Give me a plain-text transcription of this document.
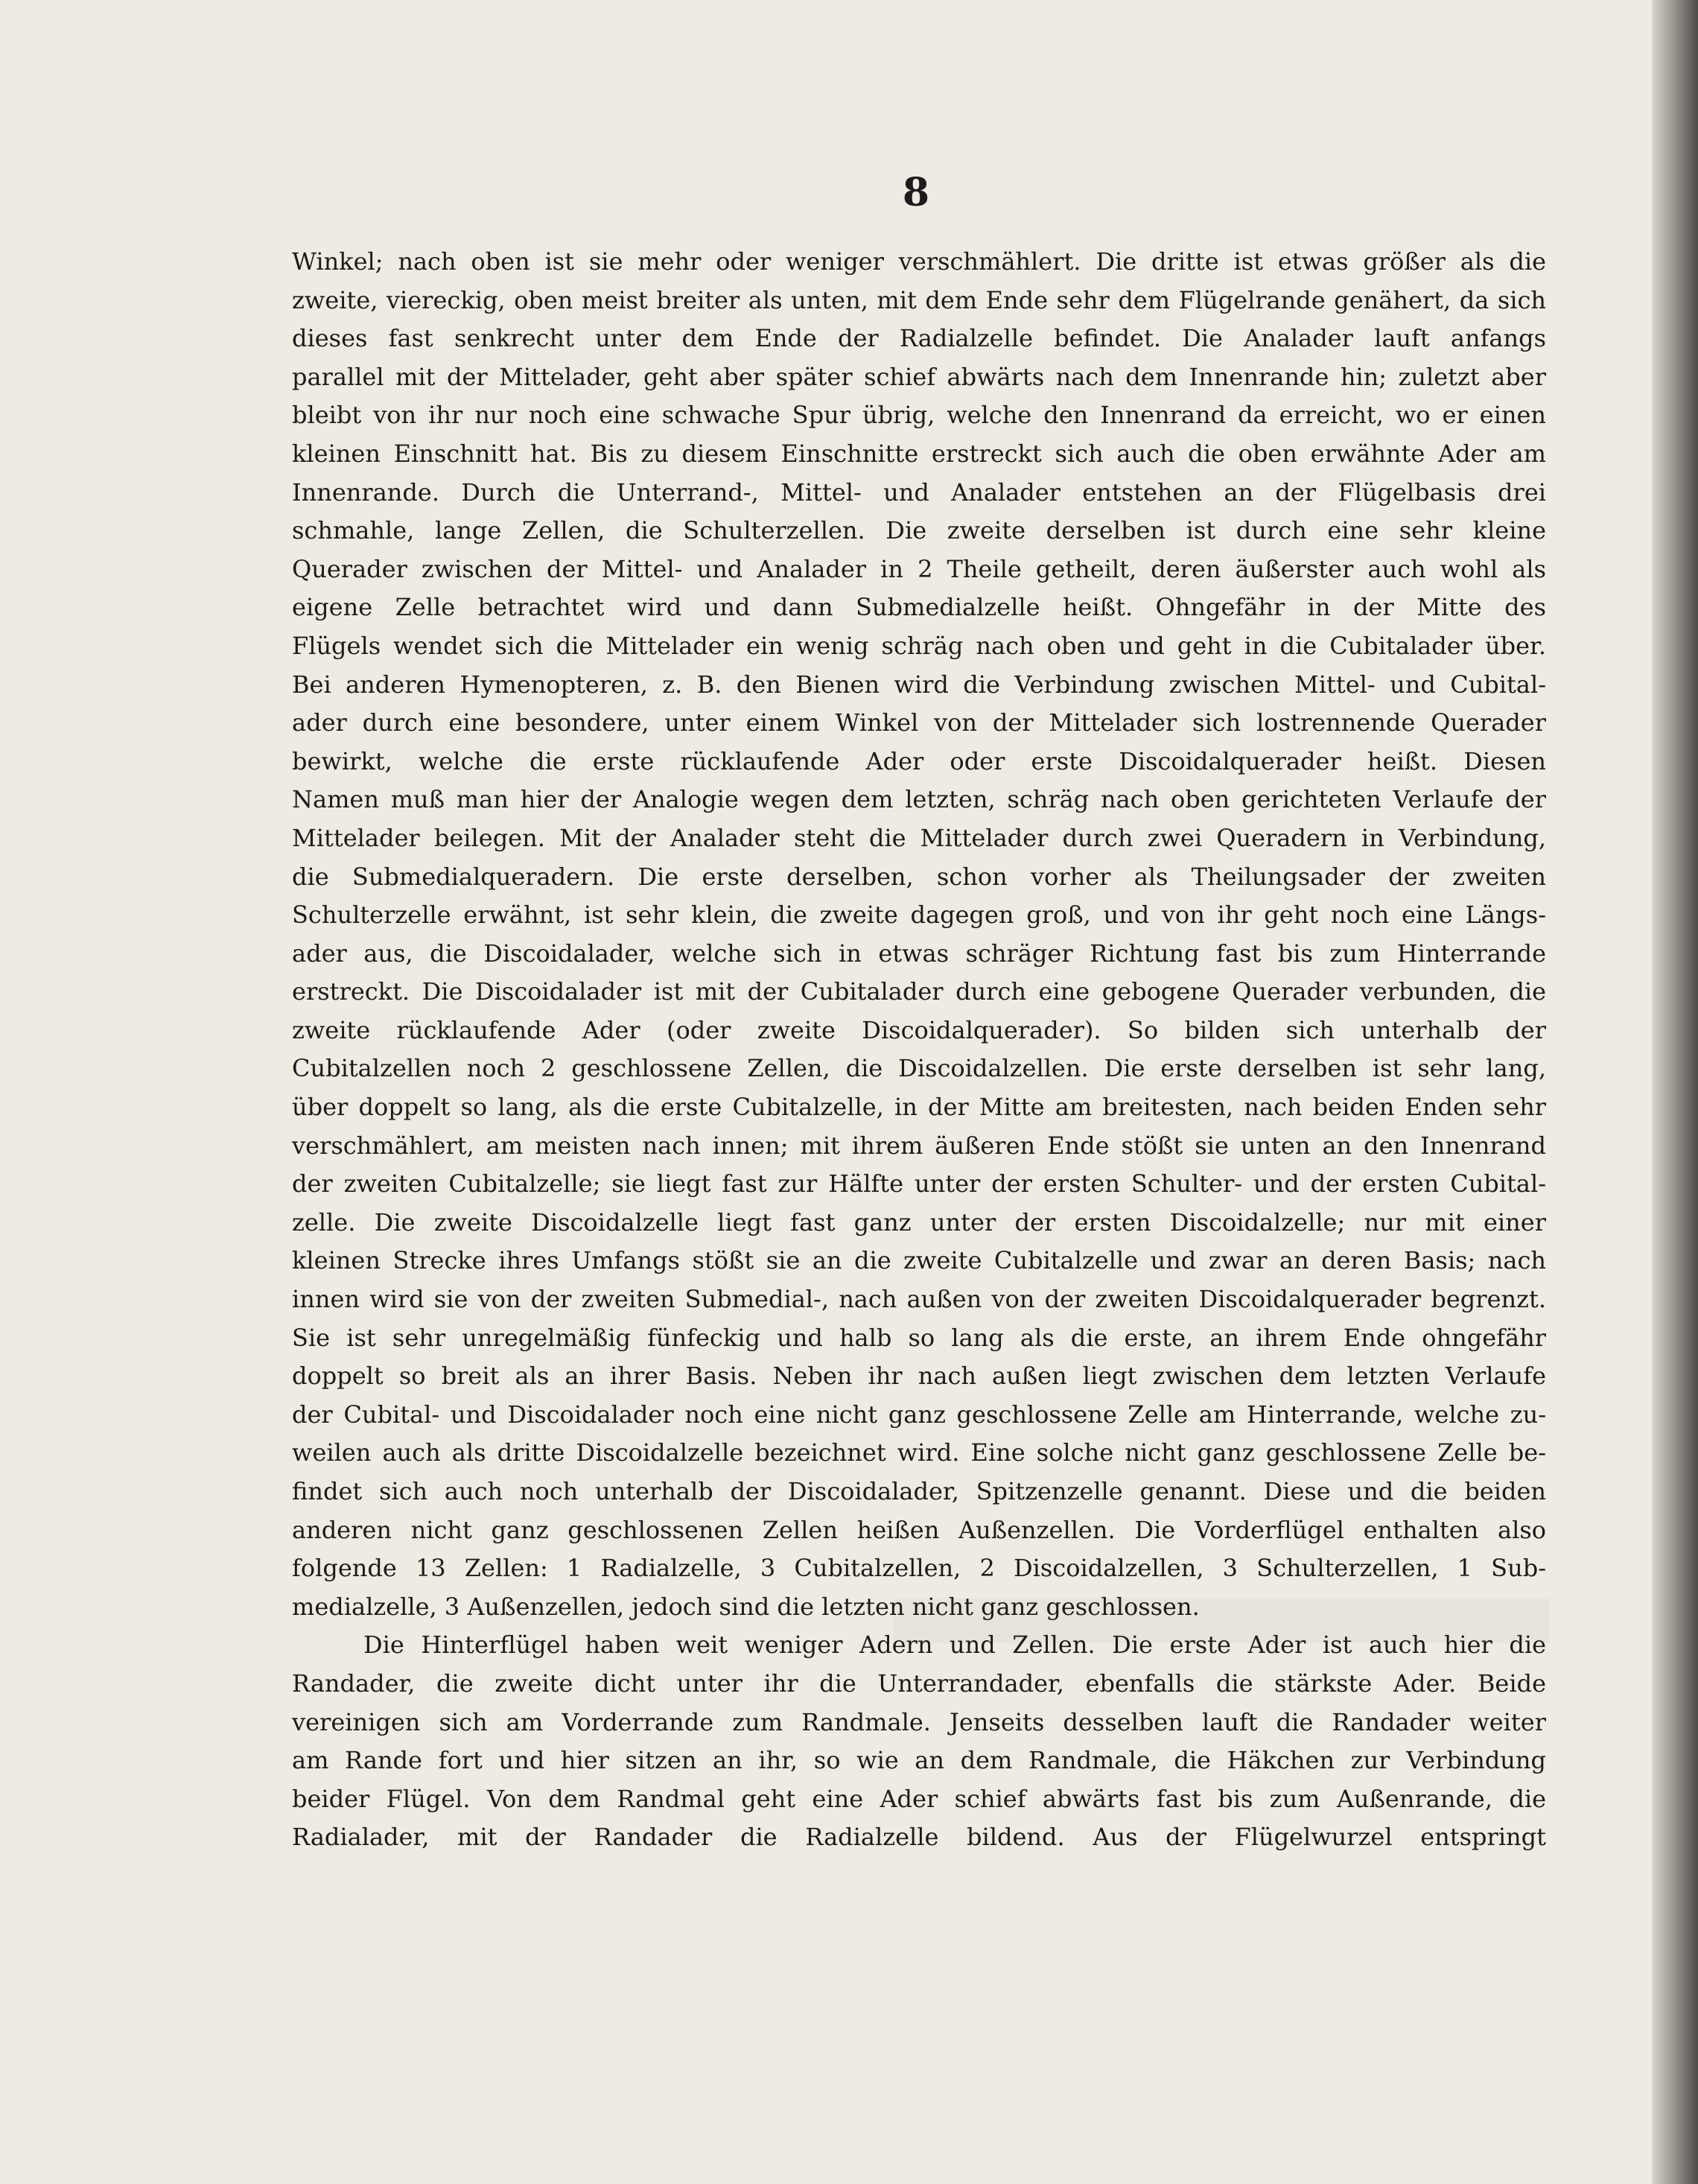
8
Winkel; nach oben ist sie mehr oder weniger verschmählert. Die dritte ist etwas größer als die
zweite, viereckig, oben meist breiter als unten, mit dem Ende sehr dem Flügelrande genähert, da sich
dieses fast senkrecht unter dem Ende der Radialzelle befindet. Die Analader lauft anfangs
parallel mit der Mittelader, geht aber später schief abwärts nach dem Innenrande hin; zuletzt aber
bleibt von ihr nur noch eine schwache Spur übrig, welche den Innenrand da erreicht, wo er einen
kleinen Einschnitt hat. Bis zu diesem Einschnitte erstreckt sich auch die oben erwähnte Ader am
Innenrande. Durch die Unterrand-, Mittel- und Analader entstehen an der Flügelbasis drei
schmahle, lange Zellen, die Schulterzellen. Die zweite derselben ist durch eine sehr kleine
Querader zwischen der Mittel- und Analader in 2 Theile getheilt, deren äußerster auch wohl als
eigene Zelle betrachtet wird und dann Submedialzelle heißt. Ohngefähr in der Mitte des
Flügels wendet sich die Mittelader ein wenig schräg nach oben und geht in die Cubitalader über.
Bei anderen Hymenopteren, z. B. den Bienen wird die Verbindung zwischen Mittel- und Cubital-
ader durch eine besondere, unter einem Winkel von der Mittelader sich lostrennende Querader
bewirkt, welche die erste rücklaufende Ader oder erste Discoidalquerader heißt. Diesen
Namen muß man hier der Analogie wegen dem letzten, schräg nach oben gerichteten Verlaufe der
Mittelader beilegen. Mit der Analader steht die Mittelader durch zwei Queradern in Verbindung,
die Submedialqueradern. Die erste derselben, schon vorher als Theilungsader der zweiten
Schulterzelle erwähnt, ist sehr klein, die zweite dagegen groß, und von ihr geht noch eine Längs-
ader aus, die Discoidalader, welche sich in etwas schräger Richtung fast bis zum Hinterrande
erstreckt. Die Discoidalader ist mit der Cubitalader durch eine gebogene Querader verbunden, die
zweite rücklaufende Ader (oder zweite Discoidalquerader). So bilden sich unterhalb der
Cubitalzellen noch 2 geschlossene Zellen, die Discoidalzellen. Die erste derselben ist sehr lang,
über doppelt so lang, als die erste Cubitalzelle, in der Mitte am breitesten, nach beiden Enden sehr
verschmählert, am meisten nach innen; mit ihrem äußeren Ende stößt sie unten an den Innenrand
der zweiten Cubitalzelle; sie liegt fast zur Hälfte unter der ersten Schulter- und der ersten Cubital-
zelle. Die zweite Discoidalzelle liegt fast ganz unter der ersten Discoidalzelle; nur mit einer
kleinen Strecke ihres Umfangs stößt sie an die zweite Cubitalzelle und zwar an deren Basis; nach
innen wird sie von der zweiten Submedial-, nach außen von der zweiten Discoidalquerader begrenzt.
Sie ist sehr unregelmäßig fünfeckig und halb so lang als die erste, an ihrem Ende ohngefähr
doppelt so breit als an ihrer Basis. Neben ihr nach außen liegt zwischen dem letzten Verlaufe
der Cubital- und Discoidalader noch eine nicht ganz geschlossene Zelle am Hinterrande, welche zu-
weilen auch als dritte Discoidalzelle bezeichnet wird. Eine solche nicht ganz geschlossene Zelle be-
findet sich auch noch unterhalb der Discoidalader, Spitzenzelle genannt. Diese und die beiden
anderen nicht ganz geschlossenen Zellen heißen Außenzellen. Die Vorderflügel enthalten also
folgende 13 Zellen: 1 Radialzelle, 3 Cubitalzellen, 2 Discoidalzellen, 3 Schulterzellen, 1 Sub-
medialzelle, 3 Außenzellen, jedoch sind die letzten nicht ganz geschlossen.
Die Hinterflügel haben weit weniger Adern und Zellen. Die erste Ader ist auch hier die
Randader, die zweite dicht unter ihr die Unterrandader, ebenfalls die stärkste Ader. Beide
vereinigen sich am Vorderrande zum Randmale. Jenseits desselben lauft die Randader weiter
am Rande fort und hier sitzen an ihr, so wie an dem Randmale, die Häkchen zur Verbindung
beider Flügel. Von dem Randmal geht eine Ader schief abwärts fast bis zum Außenrande, die
Radialader, mit der Randader die Radialzelle bildend. Aus der Flügelwurzel entspringt
